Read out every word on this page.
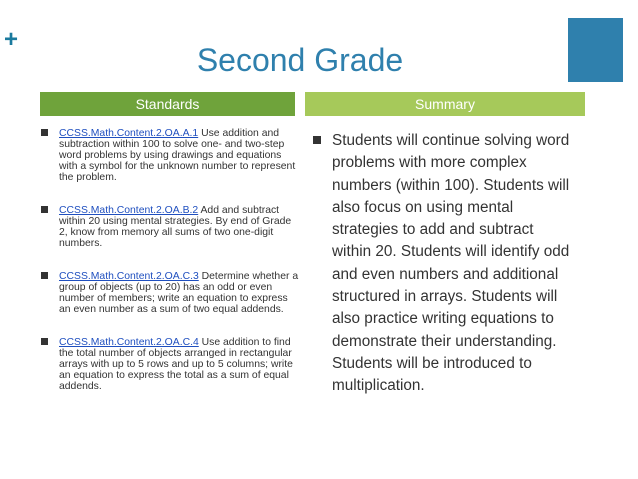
+
Second Grade
Standards	Summary
CCSS.Math.Content.2.OA.A.1 Use addition and subtraction within 100 to solve one- and two-step word problems by using drawings and equations with a symbol for the unknown number to represent the problem.
CCSS.Math.Content.2.OA.B.2 Add and subtract within 20 using mental strategies. By end of Grade 2, know from memory all sums of two one-digit numbers.
CCSS.Math.Content.2.OA.C.3 Determine whether a group of objects (up to 20) has an odd or even number of members; write an equation to express an even number as a sum of two equal addends.
CCSS.Math.Content.2.OA.C.4 Use addition to find the total number of objects arranged in rectangular arrays with up to 5 rows and up to 5 columns; write an equation to express the total as a sum of equal addends.
Students will continue solving word problems with more complex numbers (within 100). Students will also focus on using mental strategies to add and subtract within 20. Students will identify odd and even numbers and additional structured in arrays. Students will also practice writing equations to demonstrate their understanding. Students will be introduced to multiplication.
